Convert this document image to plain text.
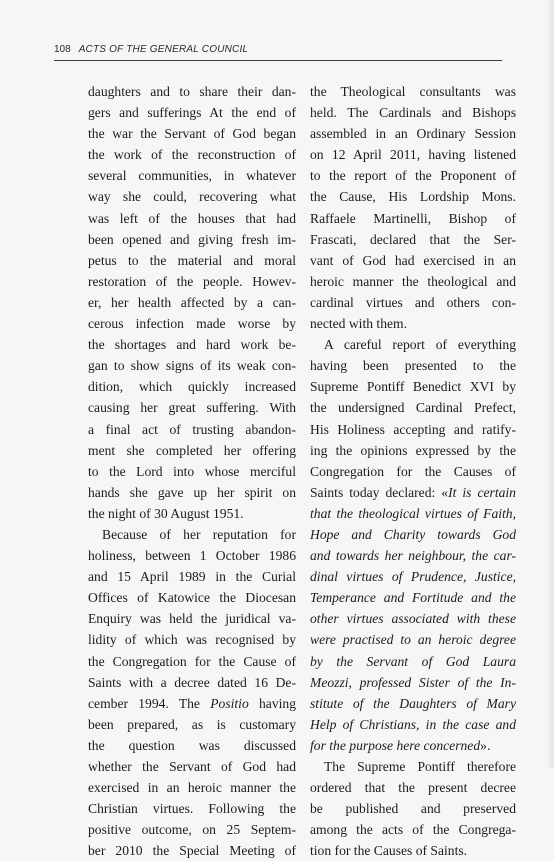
108 ACTS OF THE GENERAL COUNCIL
daughters and to share their dan-
gers and sufferings At the end of
the war the Servant of God began
the work of the reconstruction of
several communities, in whatever
way she could, recovering what
was left of the houses that had
been opened and giving fresh im-
petus to the material and moral
restoration of the people. Howev-
er, her health affected by a can-
cerous infection made worse by
the shortages and hard work be-
gan to show signs of its weak con-
dition, which quickly increased
causing her great suffering. With
a final act of trusting abandon-
ment she completed her offering
to the Lord into whose merciful
hands she gave up her spirit on
the night of 30 August 1951.
Because of her reputation for
holiness, between 1 October 1986
and 15 April 1989 in the Curial
Offices of Katowice the Diocesan
Enquiry was held the juridical va-
lidity of which was recognised by
the Congregation for the Cause of
Saints with a decree dated 16 De-
cember 1994. The Positio having
been prepared, as is customary
the question was discussed
whether the Servant of God had
exercised in an heroic manner the
Christian virtues. Following the
positive outcome, on 25 Septem-
ber 2010 the Special Meeting of
the Theological consultants was
held. The Cardinals and Bishops
assembled in an Ordinary Session
on 12 April 2011, having listened
to the report of the Proponent of
the Cause, His Lordship Mons.
Raffaele Martinelli, Bishop of
Frascati, declared that the Ser-
vant of God had exercised in an
heroic manner the theological and
cardinal virtues and others con-
nected with them.
A careful report of everything
having been presented to the
Supreme Pontiff Benedict XVI by
the undersigned Cardinal Prefect,
His Holiness accepting and ratify-
ing the opinions expressed by the
Congregation for the Causes of
Saints today declared: «It is certain
that the theological virtues of Faith,
Hope and Charity towards God
and towards her neighbour, the car-
dinal virtues of Prudence, Justice,
Temperance and Fortitude and the
other virtues associated with these
were practised to an heroic degree
by the Servant of God Laura
Meozzi, professed Sister of the In-
stitute of the Daughters of Mary
Help of Christians, in the case and
for the purpose here concerned».
The Supreme Pontiff therefore
ordered that the present decree
be published and preserved
among the acts of the Congrega-
tion for the Causes of Saints.
